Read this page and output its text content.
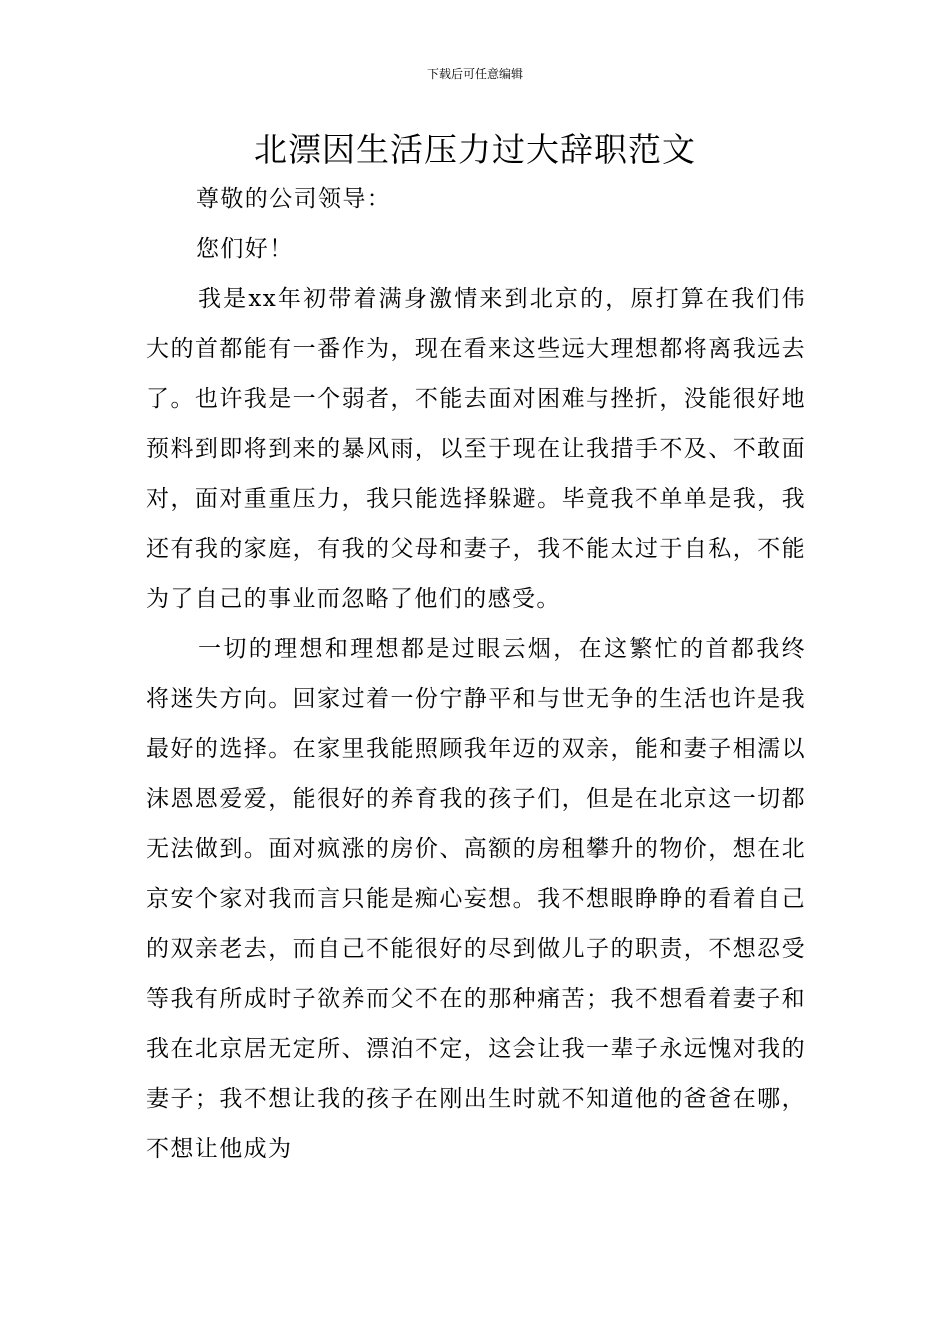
下载后可任意编辑
北漂因生活压力过大辞职范文

尊敬的公司领导：

您们好！

我是xx年初带着满身激情来到北京的，原打算在我们伟大的首都能有一番作为，现在看来这些远大理想都将离我远去了。也许我是一个弱者，不能去面对困难与挫折，没能很好地预料到即将到来的暴风雨，以至于现在让我措手不及、不敢面对，面对重重压力，我只能选择躲避。毕竟我不单单是我，我还有我的家庭，有我的父母和妻子，我不能太过于自私，不能为了自己的事业而忽略了他们的感受。

一切的理想和理想都是过眼云烟，在这繁忙的首都我终将迷失方向。回家过着一份宁静平和与世无争的生活也许是我最好的选择。在家里我能照顾我年迈的双亲，能和妻子相濡以沫恩恩爱爱，能很好的养育我的孩子们，但是在北京这一切都无法做到。面对疯涨的房价、高额的房租攀升的物价，想在北京安个家对我而言只能是痴心妄想。我不想眼睁睁的看着自己的双亲老去，而自己不能很好的尽到做儿子的职责，不想忍受等我有所成时子欲养而父不在的那种痛苦；我不想看着妻子和我在北京居无定所、漂泊不定，这会让我一辈子永远愧对我的妻子；我不想让我的孩子在刚出生时就不知道他的爸爸在哪，不想让他成为
